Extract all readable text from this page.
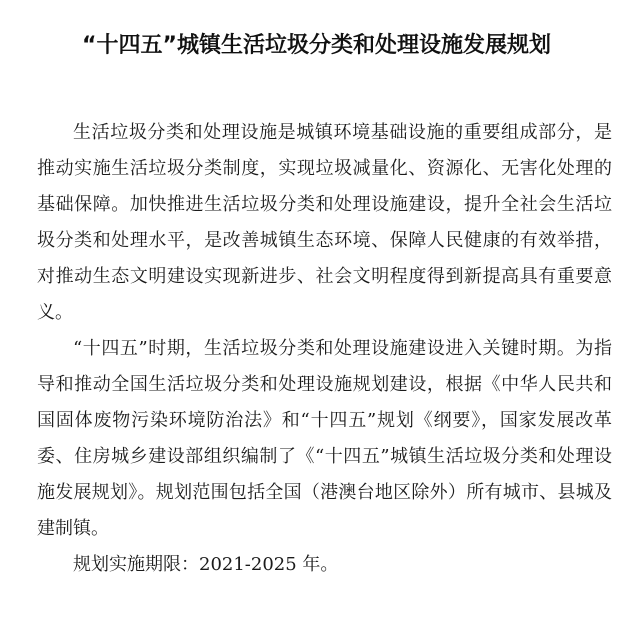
“十四五”城镇生活垃圾分类和处理设施发展规划

生活垃圾分类和处理设施是城镇环境基础设施的重要组成部分，是推动实施生活垃圾分类制度，实现垃圾减量化、资源化、无害化处理的基础保障。加快推进生活垃圾分类和处理设施建设，提升全社会生活垃圾分类和处理水平，是改善城镇生态环境、保障人民健康的有效举措，对推动生态文明建设实现新进步、社会文明程度得到新提高具有重要意义。

“十四五”时期，生活垃圾分类和处理设施建设进入关键时期。为指导和推动全国生活垃圾分类和处理设施规划建设，根据《中华人民共和国固体废物污染环境防治法》和“十四五”规划《纲要》，国家发展改革委、住房城乡建设部组织编制了《“十四五”城镇生活垃圾分类和处理设施发展规划》。规划范围包括全国（港澳台地区除外）所有城市、县城及建制镇。

规划实施期限：2021-2025 年。
